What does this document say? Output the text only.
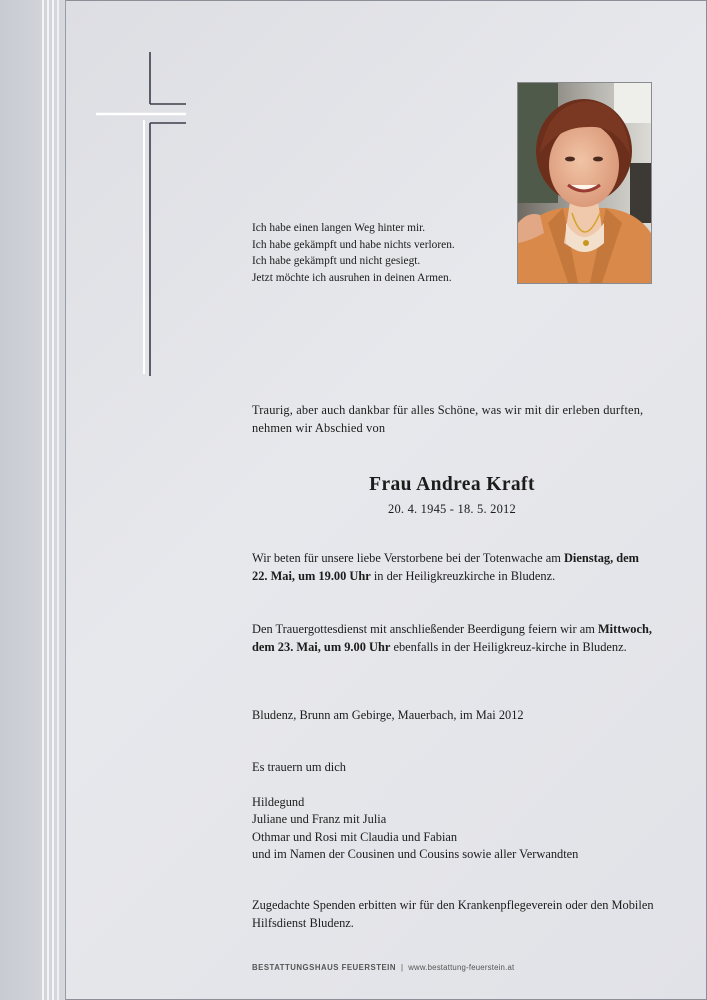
Ich habe einen langen Weg hinter mir.
Ich habe gekämpft und habe nichts verloren.
Ich habe gekämpft und nicht gesiegt.
Jetzt möchte ich ausruhen in deinen Armen.
Traurig, aber auch dankbar für alles Schöne, was wir mit dir erleben durften, nehmen wir Abschied von
Frau Andrea Kraft
20. 4. 1945 - 18. 5. 2012
Wir beten für unsere liebe Verstorbene bei der Totenwache am Dienstag, dem 22. Mai, um 19.00 Uhr in der Heiligkreuzkirche in Bludenz.
Den Trauergottesdienst mit anschließender Beerdigung feiern wir am Mittwoch, dem 23. Mai, um 9.00 Uhr ebenfalls in der Heiligkreuz-kirche in Bludenz.
Bludenz, Brunn am Gebirge, Mauerbach, im Mai 2012
Es trauern um dich
Hildegund
Juliane und Franz mit Julia
Othmar und Rosi mit Claudia und Fabian
und im Namen der Cousinen und Cousins sowie aller Verwandten
Zugedachte Spenden erbitten wir für den Krankenpflegeverein oder den Mobilen Hilfsdienst Bludenz.
BESTATTUNGSHAUS FEUERSTEIN | www.bestattung-feuerstein.at
